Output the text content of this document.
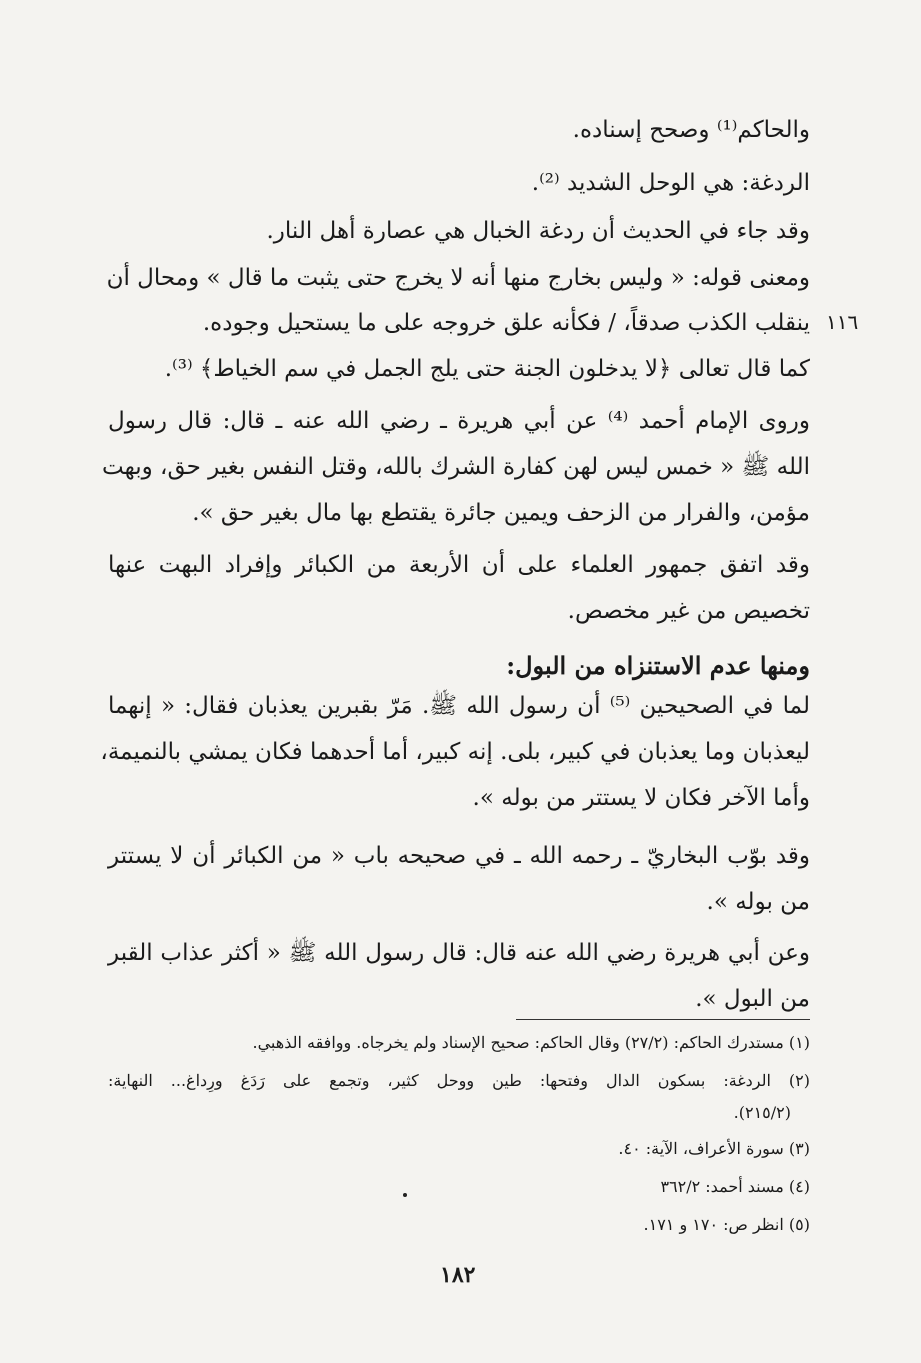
١١٦
والحاكم⁽¹⁾ وصحح إسناده.
الردغة: هي الوحل الشديد ⁽²⁾.
وقد جاء في الحديث أن ردغة الخبال هي عصارة أهل النار.
ومعنى قوله: « وليس بخارج منها أنه لا يخرج حتى يثبت ما قال » ومحال أن
ينقلب الكذب صدقاً، / فكأنه علق خروجه على ما يستحيل وجوده.
كما قال تعالى ﴿لا يدخلون الجنة حتى يلج الجمل في سم الخياط﴾ ⁽³⁾.
وروى الإمام أحمد ⁽⁴⁾ عن أبي هريرة ـ رضي الله عنه ـ قال: قال رسول
الله ﷺ « خمس ليس لهن كفارة الشرك بالله، وقتل النفس بغير حق، وبهت
مؤمن، والفرار من الزحف ويمين جائرة يقتطع بها مال بغير حق ».
وقد اتفق جمهور العلماء على أن الأربعة من الكبائر وإفراد البهت عنها
تخصيص من غير مخصص.
ومنها عدم الاستنزاه من البول:
لما في الصحيحين ⁽⁵⁾ أن رسول الله ﷺ. مَرّ بقبرين يعذبان فقال: « إنهما
ليعذبان وما يعذبان في كبير، بلى. إنه كبير، أما أحدهما فكان يمشي بالنميمة،
وأما الآخر فكان لا يستتر من بوله ».
وقد بوّب البخاريّ ـ رحمه الله ـ في صحيحه باب « من الكبائر أن لا يستتر
من بوله ».
وعن أبي هريرة رضي الله عنه قال: قال رسول الله ﷺ « أكثر عذاب القبر
من البول ».
(١) مستدرك الحاكم: (٢٧/٢) وقال الحاكم: صحيح الإسناد ولم يخرجاه. ووافقه الذهبي.
(٢) الردغة: بسكون الدال وفتحها: طين ووحل كثير، وتجمع على رَدَغ ورِداغ... النهاية:
(٢١٥/٢).
(٣) سورة الأعراف، الآية: ٤٠.
(٤) مسند أحمد: ٣٦٢/٢
(٥) انظر ص: ١٧٠ و ١٧١.
١٨٢
